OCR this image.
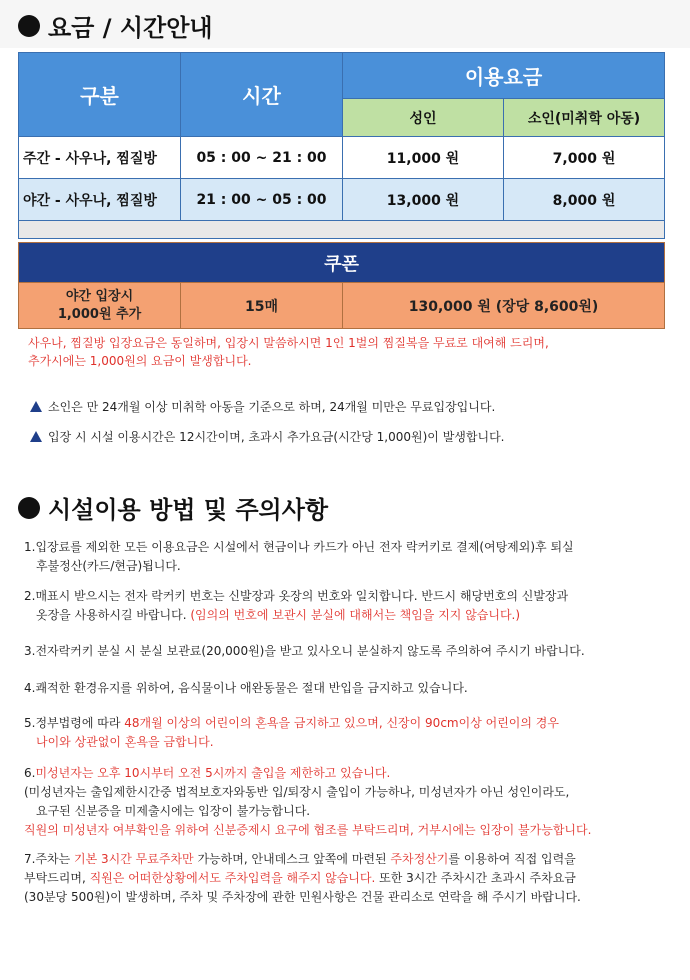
요금 / 시간안내
구분	시간	이용요금	
		성인	소인(미취학 아동)
주간 - 사우나, 찜질방	05 : 00 ~ 21 : 00	11,000 원	7,000 원
야간 - 사우나, 찜질방	21 : 00 ~ 05 : 00	13,000 원	8,000 원

쿠폰

야간 입장시
1,000원 추가	15매	130,000 원 (장당 8,600원)

사우나, 찜질방 입장요금은 동일하며, 입장시 말씀하시면 1인 1벌의 찜질복을 무료로 대여해 드리며,

추가시에는 1,000원의 요금이 발생합니다.

소인은 만 24개월 이상 미취학 아동을 기준으로 하며, 24개월 미만은 무료입장입니다.
입장 시 시설 이용시간은 12시간이며, 초과시 추가요금(시간당 1,000원)이 발생합니다.
시설이용 방법 및 주의사항

1.입장료를 제외한 모든 이용요금은 시설에서 현금이나 카드가 아닌 전자 락커키로 결제(여탕제외)후 퇴실

후불정산(카드/현금)됩니다.

2.매표시 받으시는 전자 락커키 번호는 신발장과 옷장의 번호와 일치합니다. 반드시 해당번호의 신발장과

옷장을 사용하시길 바랍니다. (임의의 번호에 보관시 분실에 대해서는 책임을 지지 않습니다.)

3.전자락커키 분실 시 분실 보관료(20,000원)을 받고 있사오니 분실하지 않도록 주의하여 주시기 바랍니다.

4.쾌적한 환경유지를 위하여, 음식물이나 애완동물은 절대 반입을 금지하고 있습니다.

5.정부법령에 따라 48개월 이상의 어린이의 혼욕을 금지하고 있으며, 신장이 90cm이상 어린이의 경우

나이와 상관없이 혼욕을 금합니다.

6.미성년자는 오후 10시부터 오전 5시까지 출입을 제한하고 있습니다.

(미성년자는 출입제한시간중 법적보호자와동반 입/퇴장시 출입이 가능하나, 미성년자가 아닌 성인이라도,

요구된 신분증을 미제출시에는 입장이 불가능합니다.

직원의 미성년자 여부확인을 위하여 신분증제시 요구에 협조를 부탁드리며, 거부시에는 입장이 불가능합니다.

7.주차는 기본 3시간 무료주차만 가능하며, 안내데스크 앞쪽에 마련된 주차정산기를 이용하여 직접 입력을

부탁드리며, 직원은 어떠한상황에서도 주차입력을 해주지 않습니다. 또한 3시간 주차시간 초과시 주차요금

(30분당 500원)이 발생하며, 주차 및 주차장에 관한 민원사항은 건물 관리소로 연락을 해 주시기 바랍니다.
